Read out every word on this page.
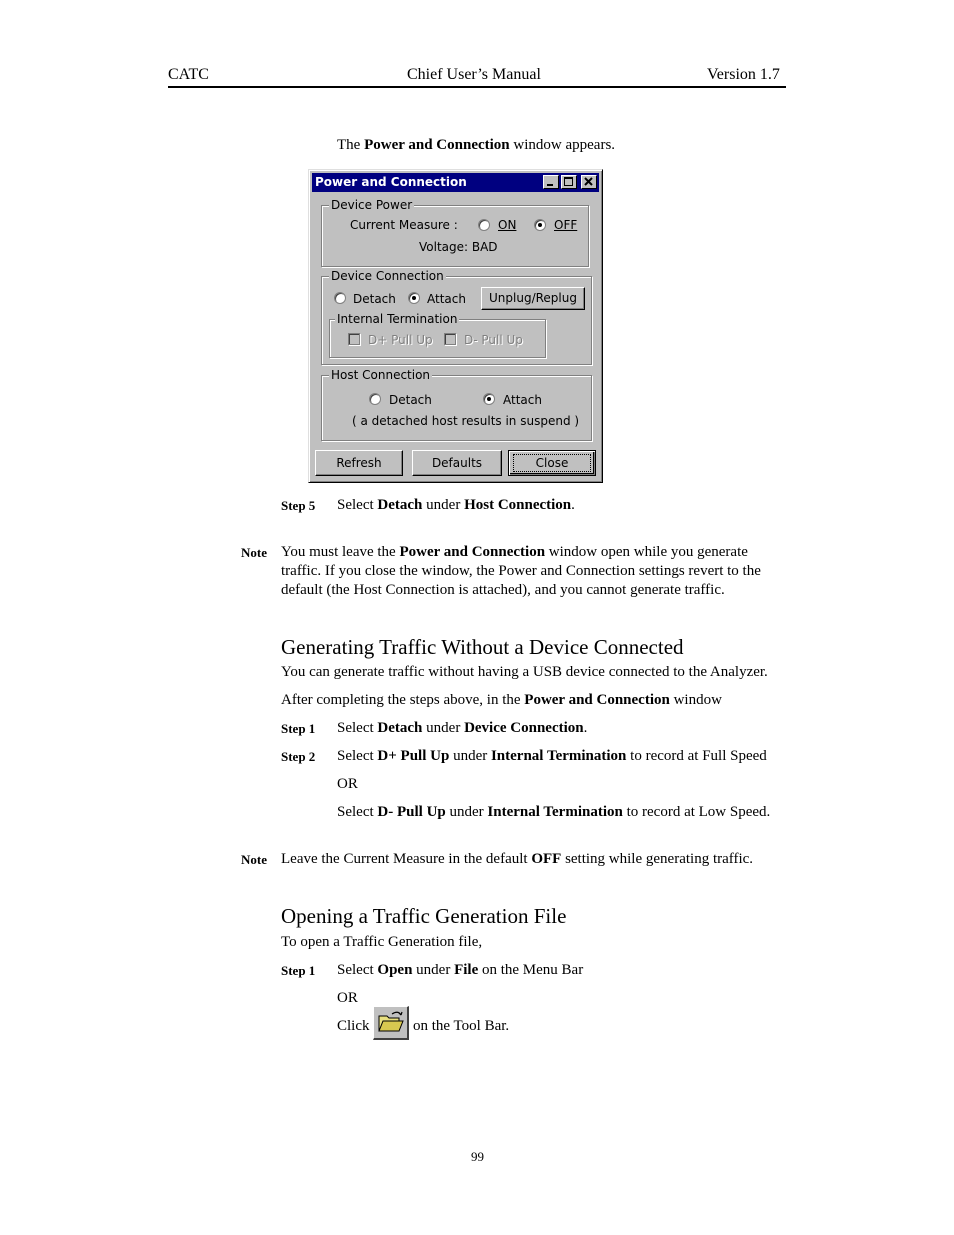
CATC	Chief User’s Manual	Version 1.7
The Power and Connection window appears.
Power and Connection
Device Power
Current Measure :	ON	OFF
Voltage: BAD
Device Connection
Detach	Attach	Unplug/Replug
Internal Termination
D+ Pull Up	D- Pull Up
Host Connection
Detach	Attach
( a detached host results in suspend )
Refresh	Defaults	Close
Step 5 Select Detach under Host Connection.
Note You must leave the Power and Connection window open while you generate
traffic. If you close the window, the Power and Connection settings revert to the
default (the Host Connection is attached), and you cannot generate traffic.
Generating Traffic Without a Device Connected
You can generate traffic without having a USB device connected to the Analyzer.
After completing the steps above, in the Power and Connection window
Step 1 Select Detach under Device Connection.
Step 2 Select D+ Pull Up under Internal Termination to record at Full Speed
OR
Select D- Pull Up under Internal Termination to record at Low Speed.
Note Leave the Current Measure in the default OFF setting while generating traffic.
Opening a Traffic Generation File
To open a Traffic Generation file,
Step 1 Select Open under File on the Menu Bar
OR
Click	on the Tool Bar.
99
